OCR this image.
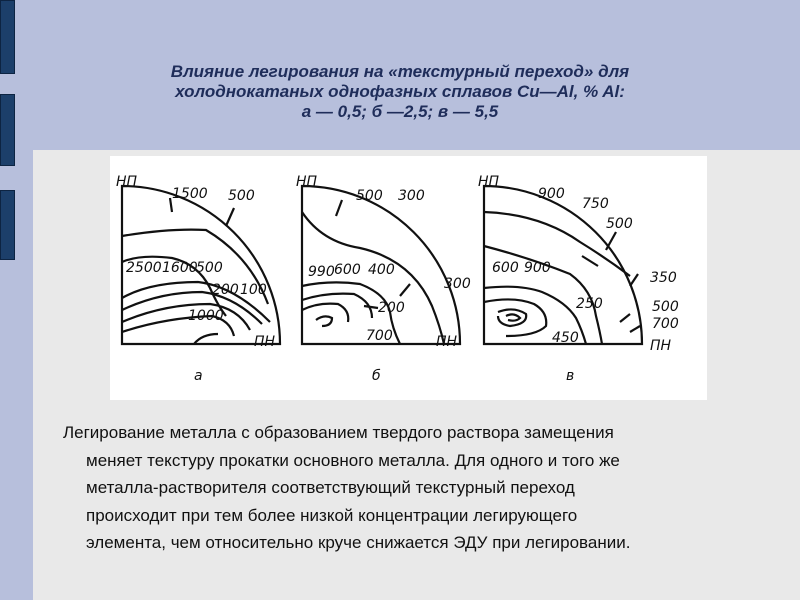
Влияние легирования на «текстурный переход» для
холоднокатаных однофазных сплавов Cu—Al, % Al:
а — 0,5; б —2,5; в — 5,5
НП
1500 500
2500 1600
500
200 100
1000
ПН
а
НП
500 300
990 600 400
200
300
700	ПН
б
НП
900
750
500
600 900
350
250	500
700
450	ПН
в
Легирование металла с образованием твердого раствора замещения
меняет текстуру прокатки основного металла. Для одного и того же
металла-растворителя соответствующий текстурный переход
происходит при тем более низкой концентрации легирующего
элемента, чем относительно круче снижается ЭДУ при легировании.
